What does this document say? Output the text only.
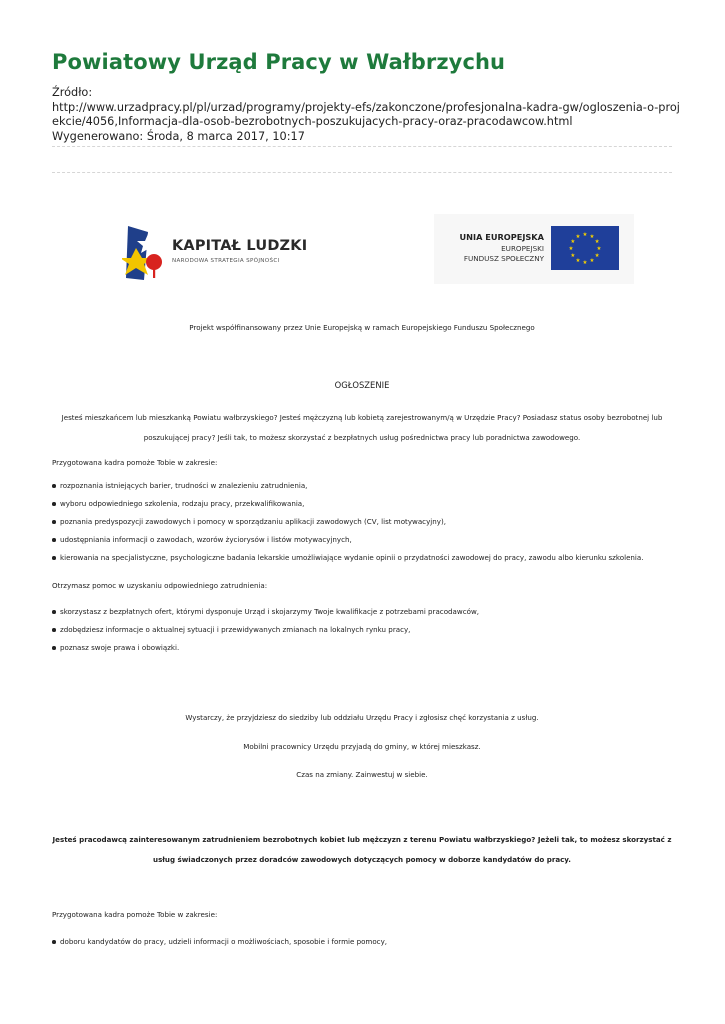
Powiatowy Urząd Pracy w Wałbrzychu
Źródło:
http://www.urzadpracy.pl/pl/urzad/programy/projekty-efs/zakonczone/profesjonalna-kadra-gw/ogloszenia-o-projekcie/4056,Informacja-dla-osob-bezrobotnych-poszukujacych-pracy-oraz-pracodawcow.html
Wygenerowano: Środa, 8 marca 2017, 10:17
KAPITAŁ LUDZKI
NARODOWA STRATEGIA SPÓJNOŚCI
UNIA EUROPEJSKA
EUROPEJSKI
FUNDUSZ SPOŁECZNY
★
★
★
★
★
★
★
★
★ ★ ★
★
Projekt współfinansowany przez Unie Europejską w ramach Europejskiego Funduszu Społecznego
OGŁOSZENIE
Jesteś mieszkańcem lub mieszkanką Powiatu wałbrzyskiego? Jesteś mężczyzną lub kobietą zarejestrowanym/ą w Urzędzie Pracy? Posiadasz status osoby bezrobotnej lub poszukującej pracy? Jeśli tak, to możesz skorzystać z bezpłatnych usług pośrednictwa pracy lub poradnictwa zawodowego.
Przygotowana kadra pomoże Tobie w zakresie:
rozpoznania istniejących barier, trudności w znalezieniu zatrudnienia,
wyboru odpowiedniego szkolenia, rodzaju pracy, przekwalifikowania,
poznania predyspozycji zawodowych i pomocy w sporządzaniu aplikacji zawodowych (CV, list motywacyjny),
udostępniania informacji o zawodach, wzorów życiorysów i listów motywacyjnych,
kierowania na specjalistyczne, psychologiczne badania lekarskie umożliwiające wydanie opinii o przydatności zawodowej do pracy, zawodu albo kierunku szkolenia.
Otrzymasz pomoc w uzyskaniu odpowiedniego zatrudnienia:
skorzystasz z bezpłatnych ofert, którymi dysponuje Urząd i skojarzymy Twoje kwalifikacje z potrzebami pracodawców,
zdobędziesz informacje o aktualnej sytuacji i przewidywanych zmianach na lokalnych rynku pracy,
poznasz swoje prawa i obowiązki.
Wystarczy, że przyjdziesz do siedziby lub oddziału Urzędu Pracy i zgłosisz chęć korzystania z usług.
Mobilni pracownicy Urzędu przyjadą do gminy, w której mieszkasz.
Czas na zmiany. Zainwestuj w siebie.
Jesteś pracodawcą zainteresowanym zatrudnieniem bezrobotnych kobiet lub mężczyzn z terenu Powiatu wałbrzyskiego? Jeżeli tak, to możesz skorzystać z usług świadczonych przez doradców zawodowych dotyczących pomocy w doborze kandydatów do pracy.
Przygotowana kadra pomoże Tobie w zakresie:
doboru kandydatów do pracy, udzieli informacji o możliwościach, sposobie i formie pomocy,
